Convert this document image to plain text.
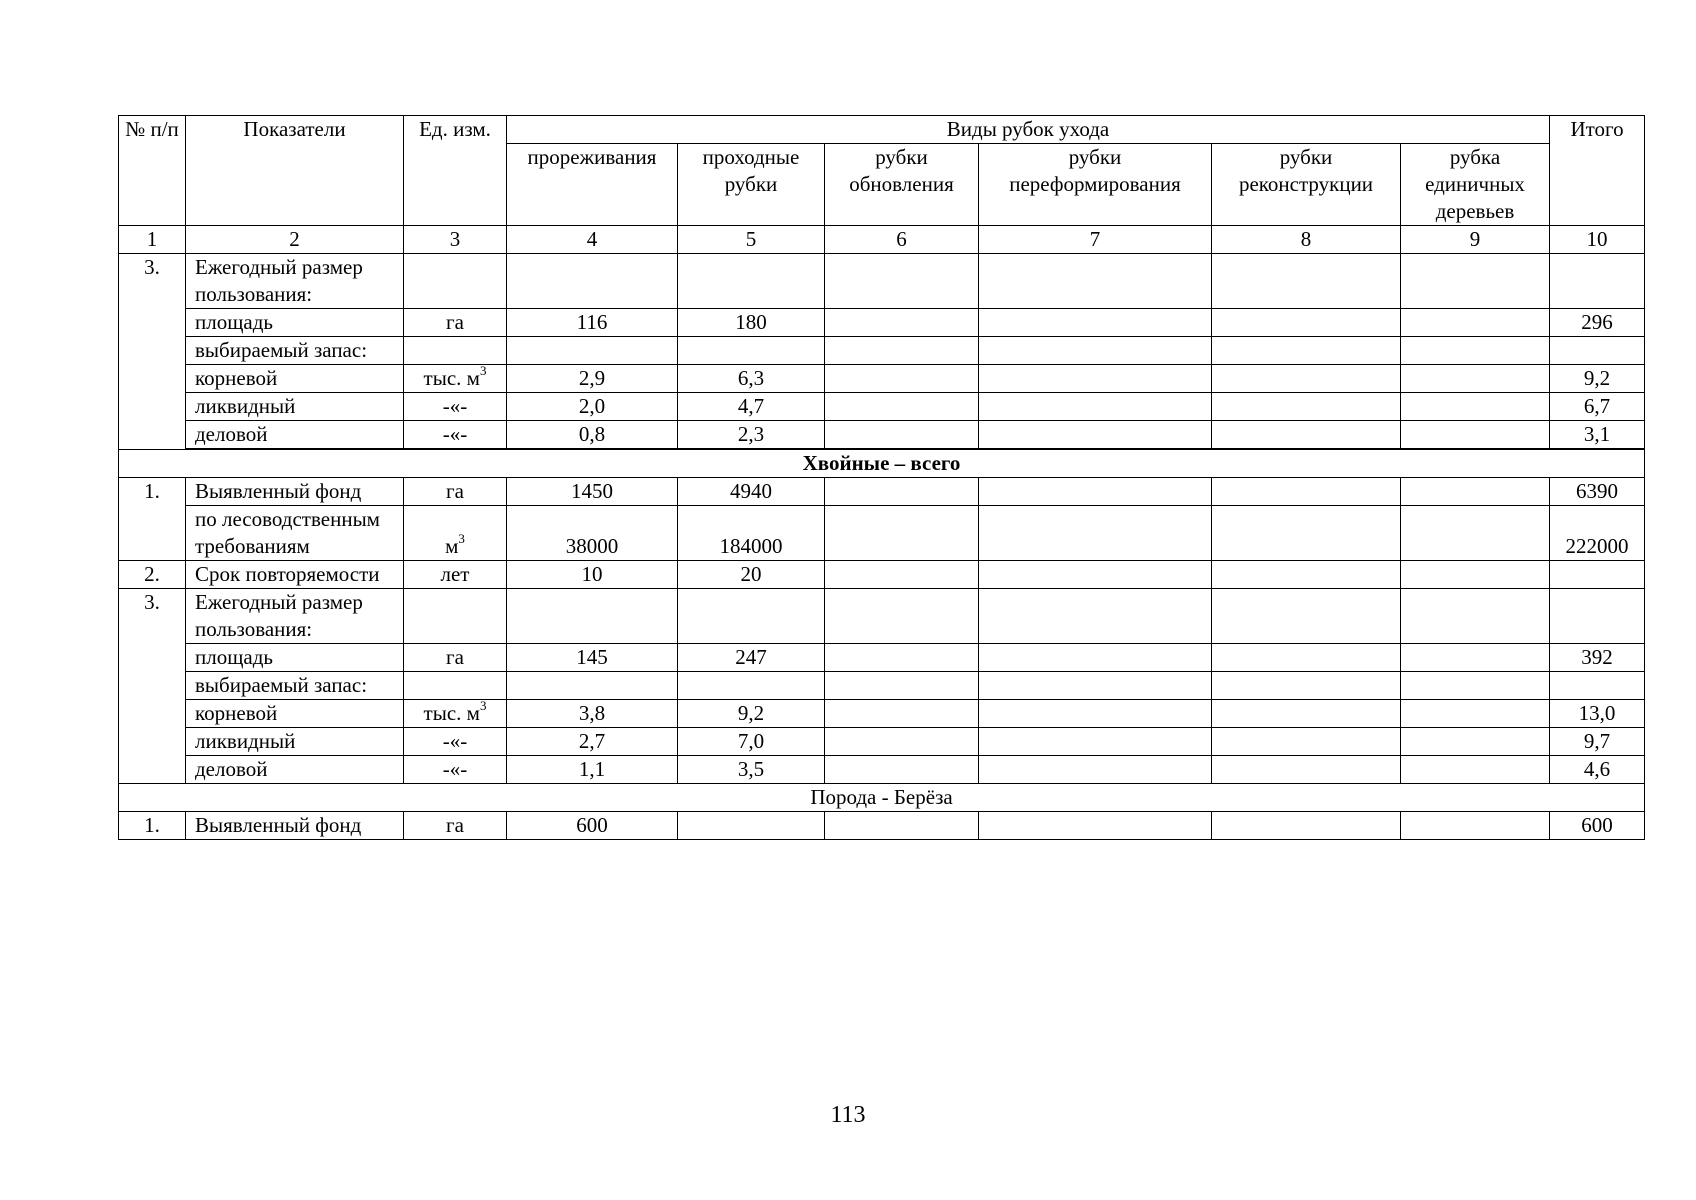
№ п/п	Показатели	Ед. изм.	Виды рубок ухода						Итого
			прореживания	проходные рубки	рубки обновления	рубки переформирования	рубки реконструкции	рубка единичных деревьев	
1	2	3	4	5	6	7	8	9	10
3.	Ежегодный размер пользования:								
	площадь	га	116	180					296
	выбираемый запас:								
	корневой	тыс. $м^3$	2,9	6,3					9,2
	ликвидный	-«-	2,0	4,7					6,7
	деловой	-«-	0,8	2,3					3,1
Хвойные – всего									
1.	Выявленный фонд	га	1450	4940					6390
	по лесоводственным требованиям	$м^3$	38000	184000					222000
2.	Срок повторяемости	лет	10	20					
3.	Ежегодный размер пользования:								
	площадь	га	145	247					392
	выбираемый запас:								
	корневой	тыс. $м^3$	3,8	9,2					13,0
	ликвидный	-«-	2,7	7,0					9,7
	деловой	-«-	1,1	3,5					4,6
Порода - Берёза									
1.	Выявленный фонд	га	600						600
113
